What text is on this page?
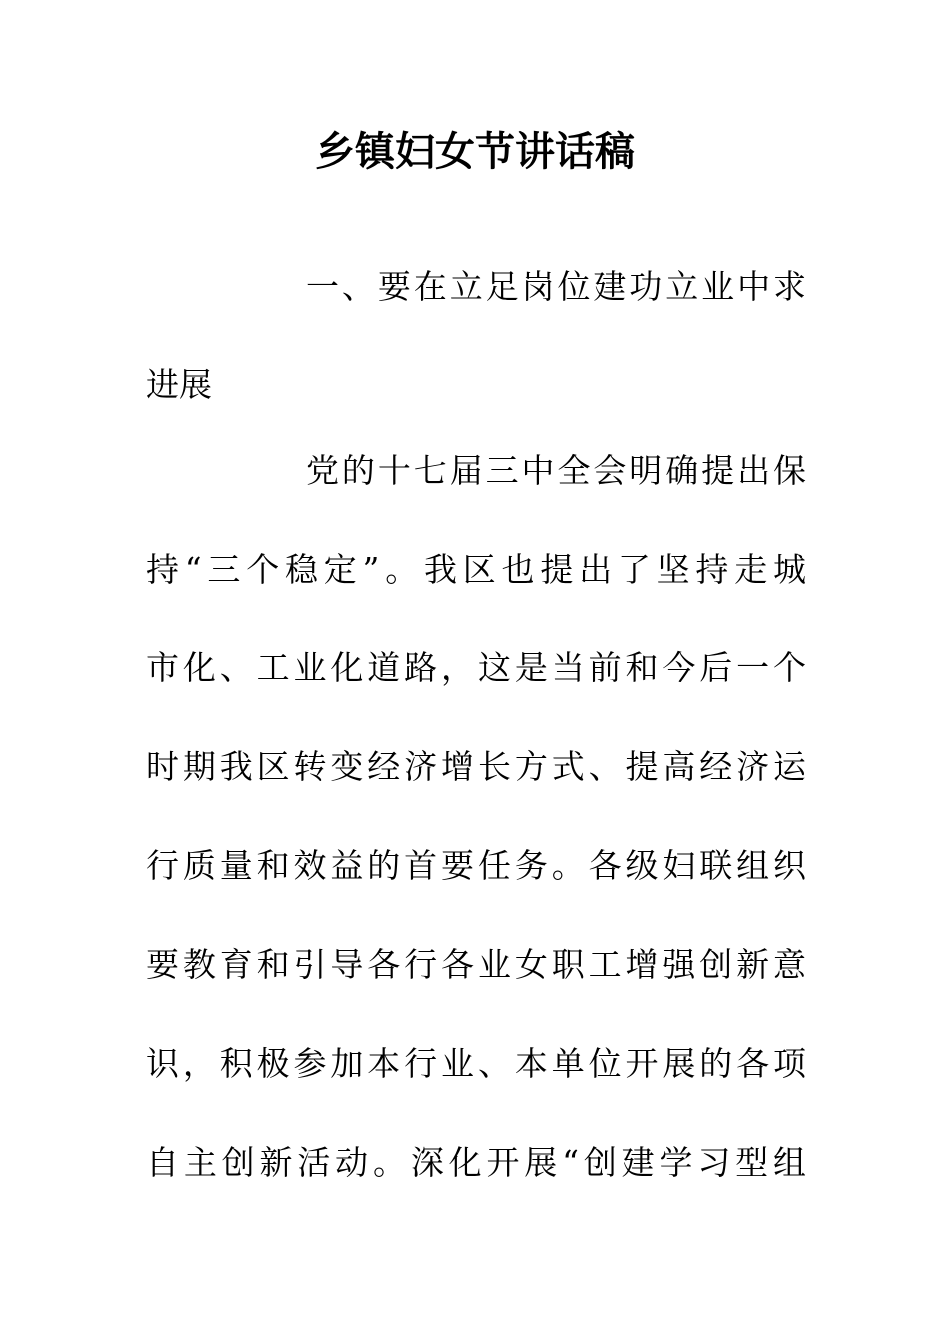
乡镇妇女节讲话稿
一、要在立足岗位建功立业中求
进展
党的十七届三中全会明确提出保
持“三个稳定”。我区也提出了坚持走城
市化、工业化道路，这是当前和今后一个
时期我区转变经济增长方式、提高经济运
行质量和效益的首要任务。各级妇联组织
要教育和引导各行各业女职工增强创新意
识，积极参加本行业、本单位开展的各项
自主创新活动。深化开展“创建学习型组
